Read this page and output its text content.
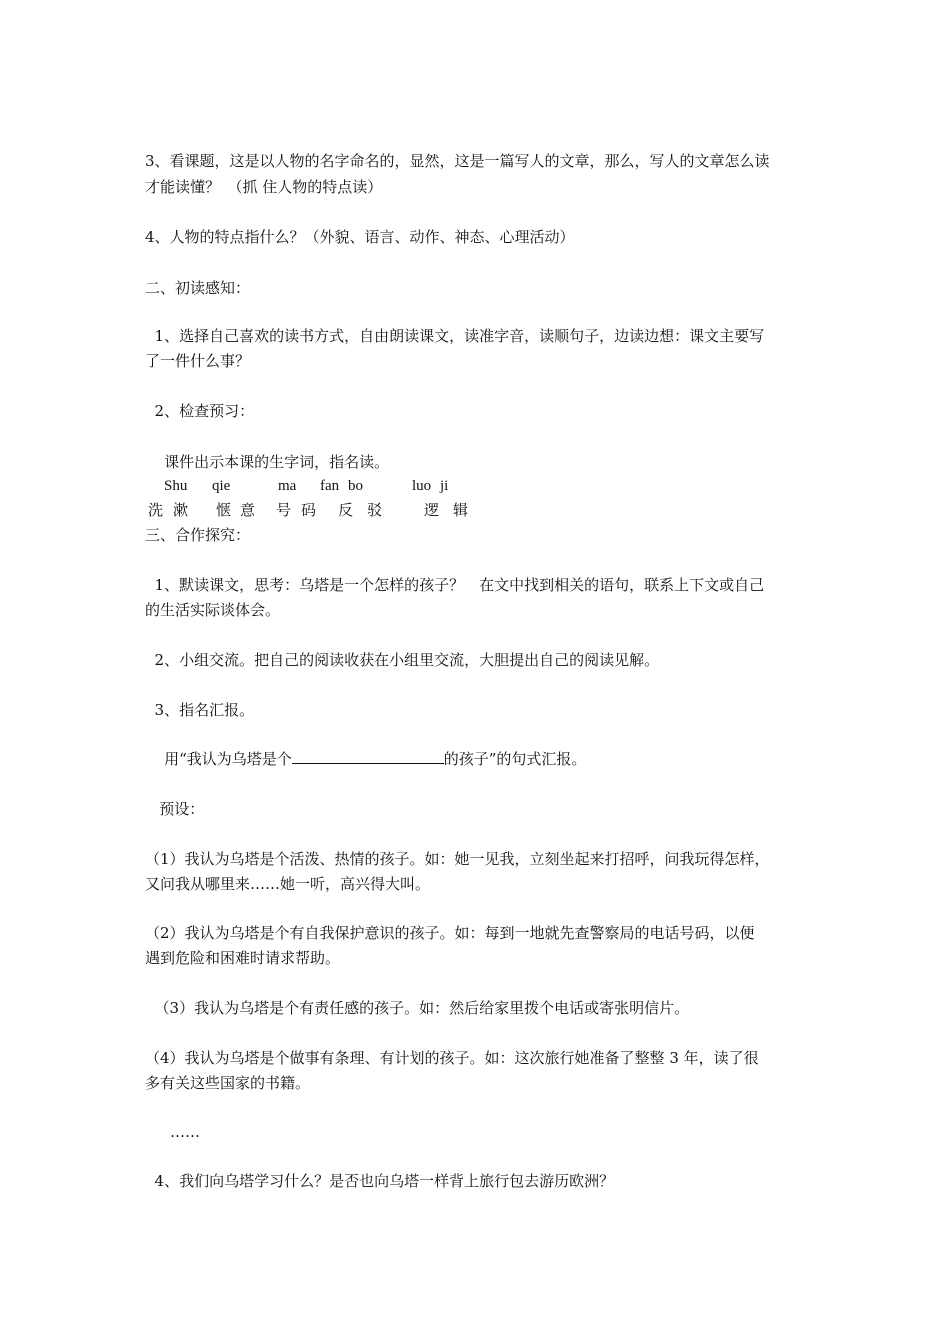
3、看课题，这是以人物的名字命名的，显然，这是一篇写人的文章，那么，写人的文章怎么读
才能读懂？　（抓 住人物的特点读）
4、人物的特点指什么？（外貌、语言、动作、神态、心理活动）
二、初读感知：
1、选择自己喜欢的读书方式，自由朗读课文，读准字音，读顺句子，边读边想：课文主要写
了一件什么事？
2、检查预习：
课件出示本课的生字词，指名读。
Shu qie	ma fan bo	luo ji
洗 漱 惬 意 号 码 反 驳	逻 辑
三、合作探究：
1、默读课文，思考：乌塔是一个怎样的孩子？　在文中找到相关的语句，联系上下文或自己
的生活实际谈体会。
2、小组交流。把自己的阅读收获在小组里交流，大胆提出自己的阅读见解。
3、指名汇报。
用“我认为乌塔是个	的孩子”的句式汇报。
预设：
（1）我认为乌塔是个活泼、热情的孩子。如：她一见我，立刻坐起来打招呼，问我玩得怎样，
又问我从哪里来……她一听，高兴得大叫。
（2）我认为乌塔是个有自我保护意识的孩子。如：每到一地就先查警察局的电话号码，以便
遇到危险和困难时请求帮助。
（3）我认为乌塔是个有责任感的孩子。如：然后给家里拨个电话或寄张明信片。
（4）我认为乌塔是个做事有条理、有计划的孩子。如：这次旅行她准备了整整 3 年，读了很
多有关这些国家的书籍。
……
4、我们向乌塔学习什么？是否也向乌塔一样背上旅行包去游历欧洲？
